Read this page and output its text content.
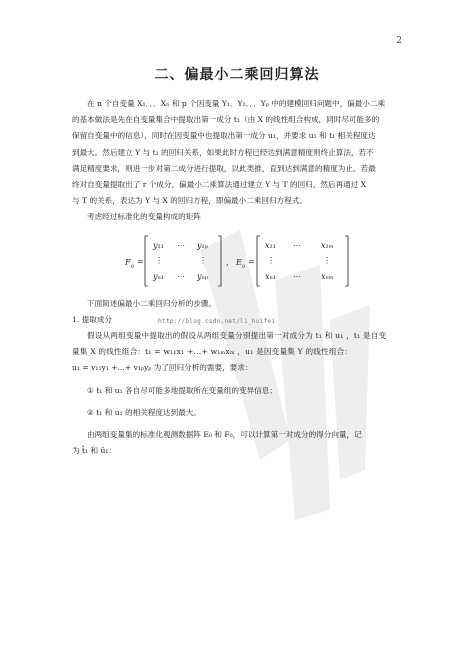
2
二、偏最小二乘回归算法
http://blog.csdn.net/li_huifei

在 n 个自变量 X₁．．．Xₙ 和 p 个因变量 Y₁．Y₂．．．Yₚ 中的建模回归问题中，偏最小二乘

的基本做法是先在自变量集合中提取出第一成分 t₁（由 X 的线性组合构成，同时尽可能多的

保留自变量中的信息），同时在因变量中也提取出第一成分 u₁，并要求 u₁ 和 t₁ 相关程度达

到最大。然后建立 Y 与 t₁ 的回归关系，如果此时方程已经达到满意精度则终止算法，若不

满足精度要求，则进一步对第二成分进行提取，以此类推，直到达到满意的精度为止。若最

终对自变量提取出了 r 个成分，偏最小二乘算法通过建立 Y 与 T 的回归，然后再通过 X

与 T 的关系，表达为 Y 与 X 的回归方程，即偏最小二乘回归方程式。

考虑经过标准化的变量构成的矩阵

F 0
=
y₁₁ ⋯ y₁ₚ
⋮	⋮
yₙ₁ ⋯ yₙₚ
, E 0
=
x₁₁ ⋯	x₁ₘ
⋮	⋮
xₙ₁ ⋯	xₙₘ

下面简述偏最小二乘回归分析的步骤。

1. 提取成分

假设从两组变量中提取出的假设从两组变量分别提出第一对成分为 t₁ 和 u₁ ，t₁ 是自变

量集 X 的线性组合：t₁ = w₁₁x₁ +...+ w₁ₘxₘ ，u₁ 是因变量集 Y 的线性组合：

u₁ = v₁₁y₁ +...+ v₁ₚyₚ 为了回归分析的需要，要求：

① t₁ 和 u₁ 各自尽可能多地提取所在变量组的变异信息；

② t₁ 和 u₁ 的相关程度达到最大。

由两组变量集的标准化观测数据阵 E₀ 和 F₀，可以计算第一对成分的得分向量，记

为 t̂₁ 和 û₁：
